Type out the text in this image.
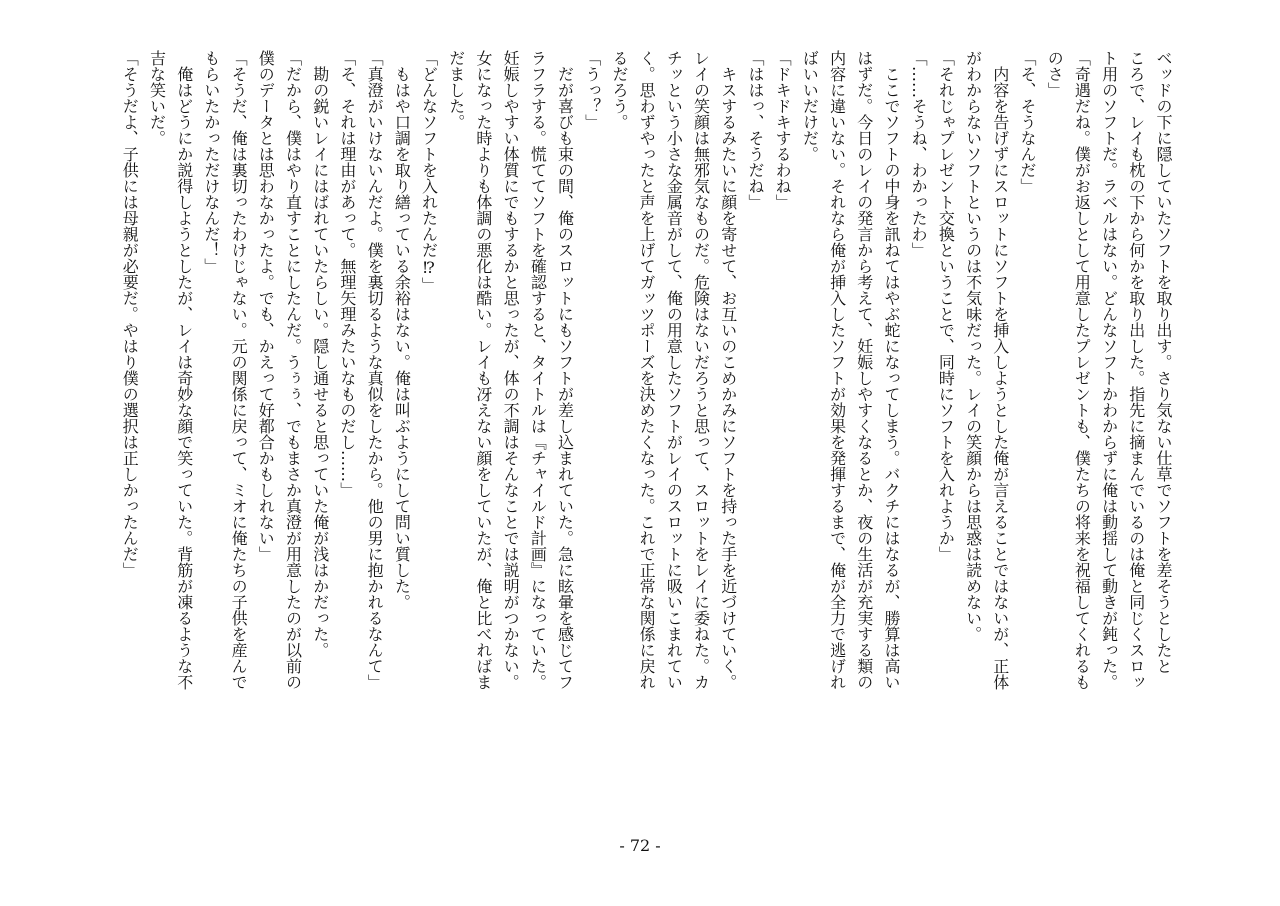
ベッドの下に隠していたソフトを取り出す。さり気ない仕草でソフトを差そうとしたと
ころで、レイも枕の下から何かを取り出した。指先に摘まんでいるのは俺と同じくスロッ
ト用のソフトだ。ラベルはない。どんなソフトかわからずに俺は動揺して動きが鈍った。
「奇遇だね。僕がお返しとして用意したプレゼントも、僕たちの将来を祝福してくれるも
のさ」
「そ、そうなんだ」
　内容を告げずにスロットにソフトを挿入しようとした俺が言えることではないが、正体
がわからないソフトというのは不気味だった。レイの笑顔からは思惑は読めない。
「それじゃプレゼント交換ということで、同時にソフトを入れようか」
「……そうね、わかったわ」
　ここでソフトの中身を訊ねてはやぶ蛇になってしまう。バクチにはなるが、勝算は高い
はずだ。今日のレイの発言から考えて、妊娠しやすくなるとか、夜の生活が充実する類の
内容に違いない。それなら俺が挿入したソフトが効果を発揮するまで、俺が全力で逃げれ
ばいいだけだ。
「ドキドキするわね」
「ははっ、そうだね」
　キスするみたいに顔を寄せて、お互いのこめかみにソフトを持った手を近づけていく。
レイの笑顔は無邪気なものだ。危険はないだろうと思って、スロットをレイに委ねた。カ
チッという小さな金属音がして、俺の用意したソフトがレイのスロットに吸いこまれてい
く。思わずやったと声を上げてガッツポーズを決めたくなった。これで正常な関係に戻れ
るだろう。
「うっ？」
　だが喜びも束の間、俺のスロットにもソフトが差し込まれていた。急に眩暈を感じてフ
ラフラする。慌ててソフトを確認すると、タイトルは『チャイルド計画』になっていた。
妊娠しやすい体質にでもするかと思ったが、体の不調はそんなことでは説明がつかない。
女になった時よりも体調の悪化は酷い。レイも冴えない顔をしていたが、俺と比べればま
だました。
「どんなソフトを入れたんだ⁉」
　もはや口調を取り繕っている余裕はない。俺は叫ぶようにして問い質した。
「真澄がいけないんだよ。僕を裏切るような真似をしたから。他の男に抱かれるなんて」
「そ、それは理由があって。無理矢理みたいなものだし……」
　勘の鋭いレイにはばれていたらしい。隠し通せると思っていた俺が浅はかだった。
「だから、僕はやり直すことにしたんだ。うぅぅ、でもまさか真澄が用意したのが以前の
僕のデータとは思わなかったよ。でも、かえって好都合かもしれない」
「そうだ、俺は裏切ったわけじゃない。元の関係に戻って、ミオに俺たちの子供を産んで
もらいたかっただけなんだ！」
　俺はどうにか説得しようとしたが、レイは奇妙な顔で笑っていた。背筋が凍るような不
吉な笑いだ。
「そうだよ、子供には母親が必要だ。やはり僕の選択は正しかったんだ」
- 72 -
